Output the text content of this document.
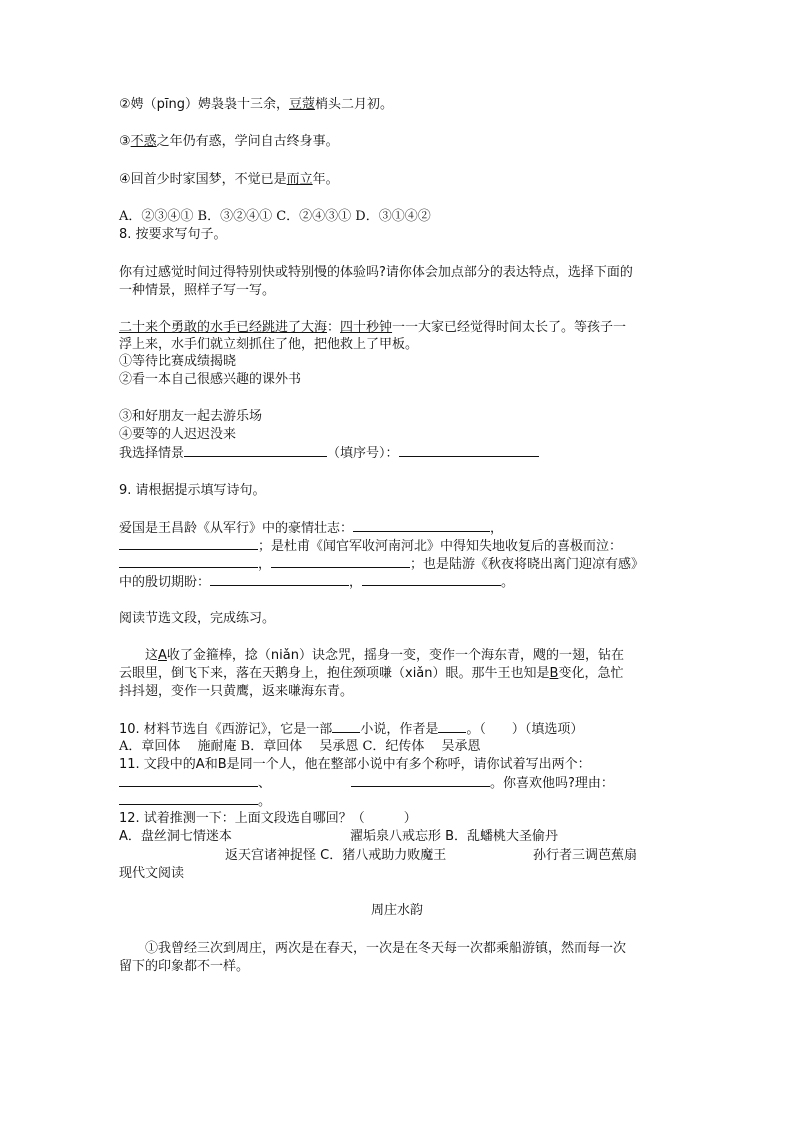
②娉（pīng）娉袅袅十三余，豆蔻梢头二月初。
③不惑之年仍有惑，学问自古终身事。
④回首少时家国梦，不觉已是而立年。
A．②③④① B．③②④① C．②④③① D．③①④②
8. 按要求写句子。
你有过感觉时间过得特别快或特别慢的体验吗?请你体会加点部分的表达特点，选择下面的
一种情景，照样子写一写。
二十来个勇敢的水手已经跳进了大海：四十秒钟一一大家已经觉得时间太长了。等孩子一
浮上来，水手们就立刻抓住了他，把他救上了甲板。
①等待比赛成绩揭晓
②看一本自己很感兴趣的课外书
③和好朋友一起去游乐场
④要等的人迟迟没来
我选择情景	（填序号）：
9. 请根据提示填写诗句。
爱国是王昌龄《从军行》中的豪情壮志：	，
；是杜甫《闻官军收河南河北》中得知失地收复后的喜极而泣：
，	；也是陆游《秋夜将晓出离门迎凉有感》
中的殷切期盼：	，	。
阅读节选文段，完成练习。
这A收了金箍棒，捻（niǎn）诀念咒，摇身一变，变作一个海东青，飕的一翅，钻在
云眼里，倒飞下来，落在天鹅身上，抱住颈项嗛（xiǎn）眼。那牛王也知是B变化，急忙
抖抖翅，变作一只黄鹰，返来嗛海东青。
10. 材料节选自《西游记》，它是一部 小说，作者是 。（　　）（填选项）
A．章回体　 施耐庵 B．章回体　 吴承恩 C．纪传体　 吴承恩
11. 文段中的A和B是同一个人，他在整部小说中有多个称呼，请你试着写出两个：
、	。你喜欢他吗?理由：
。
12. 试着推测一下：上面文段选自哪回？（　　　）
A．盘丝洞七情迷本	濯垢泉八戒忘形 B．乱蟠桃大圣偷丹
返天宫诸神捉怪 C．猪八戒助力败魔王	孙行者三调芭蕉扇
现代文阅读
周庄水韵
①我曾经三次到周庄，两次是在春天，一次是在冬天每一次都乘船游镇，然而每一次
留下的印象都不一样。
